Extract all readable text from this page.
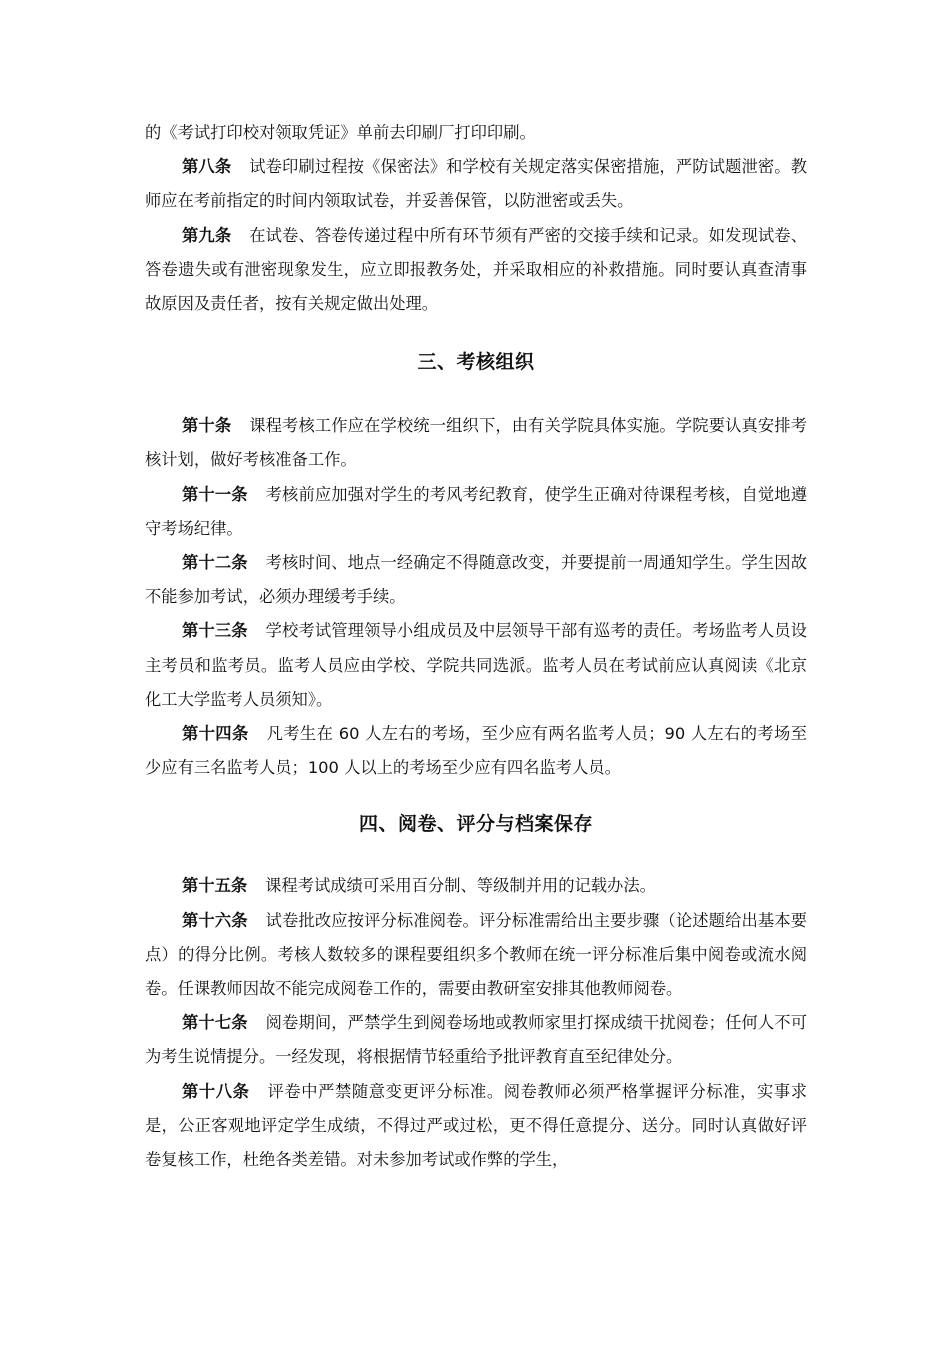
的《考试打印校对领取凭证》单前去印刷厂打印印刷。

第八条 试卷印刷过程按《保密法》和学校有关规定落实保密措施，严防试题泄密。教师应在考前指定的时间内领取试卷，并妥善保管，以防泄密或丢失。

第九条 在试卷、答卷传递过程中所有环节须有严密的交接手续和记录。如发现试卷、答卷遗失或有泄密现象发生，应立即报教务处，并采取相应的补救措施。同时要认真查清事故原因及责任者，按有关规定做出处理。

三、考核组织

第十条 课程考核工作应在学校统一组织下，由有关学院具体实施。学院要认真安排考核计划，做好考核准备工作。

第十一条 考核前应加强对学生的考风考纪教育，使学生正确对待课程考核，自觉地遵守考场纪律。

第十二条 考核时间、地点一经确定不得随意改变，并要提前一周通知学生。学生因故不能参加考试，必须办理缓考手续。

第十三条 学校考试管理领导小组成员及中层领导干部有巡考的责任。考场监考人员设主考员和监考员。监考人员应由学校、学院共同选派。监考人员在考试前应认真阅读《北京化工大学监考人员须知》。

第十四条 凡考生在 60 人左右的考场，至少应有两名监考人员；90 人左右的考场至少应有三名监考人员；100 人以上的考场至少应有四名监考人员。

四、阅卷、评分与档案保存

第十五条 课程考试成绩可采用百分制、等级制并用的记载办法。

第十六条 试卷批改应按评分标准阅卷。评分标准需给出主要步骤（论述题给出基本要点）的得分比例。考核人数较多的课程要组织多个教师在统一评分标准后集中阅卷或流水阅卷。任课教师因故不能完成阅卷工作的，需要由教研室安排其他教师阅卷。

第十七条 阅卷期间，严禁学生到阅卷场地或教师家里打探成绩干扰阅卷；任何人不可为考生说情提分。一经发现，将根据情节轻重给予批评教育直至纪律处分。

第十八条 评卷中严禁随意变更评分标准。阅卷教师必须严格掌握评分标准，实事求是，公正客观地评定学生成绩，不得过严或过松，更不得任意提分、送分。同时认真做好评卷复核工作，杜绝各类差错。对未参加考试或作弊的学生，
